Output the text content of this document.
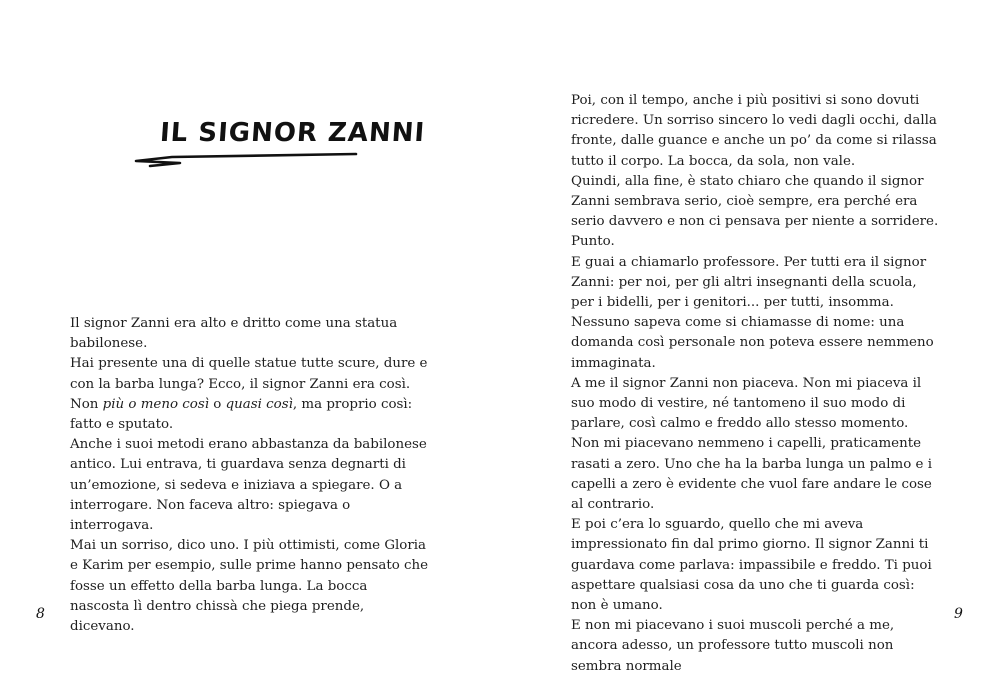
IL SIGNOR ZANNI

Il signor Zanni era alto e dritto come una statua babilonese.

Hai presente una di quelle statue tutte scure, dure e con la barba lunga? Ecco, il signor Zanni era così. Non più o meno così o quasi così, ma proprio così: fatto e sputato.

Anche i suoi metodi erano abbastanza da babilonese antico. Lui entrava, ti guardava senza degnarti di un’emozione, si sedeva e iniziava a spiegare. O a interrogare. Non faceva altro: spiegava o interrogava.

Mai un sorriso, dico uno. I più ottimisti, come Gloria e Karim per esempio, sulle prime hanno pensato che fosse un effetto della barba lunga. La bocca nascosta lì dentro chissà che piega prende, dicevano.

8

Poi, con il tempo, anche i più positivi si sono dovuti ricredere. Un sorriso sincero lo vedi dagli occhi, dalla fronte, dalle guance e anche un po’ da come si rilassa tutto il corpo. La bocca, da sola, non vale.

Quindi, alla fine, è stato chiaro che quando il signor Zanni sembrava serio, cioè sempre, era perché era serio davvero e non ci pensava per niente a sorridere. Punto.

E guai a chiamarlo professore. Per tutti era il signor Zanni: per noi, per gli altri insegnanti della scuola, per i bidelli, per i genitori... per tutti, insomma. Nessuno sapeva come si chiamasse di nome: una domanda così personale non poteva essere nemmeno immaginata.

A me il signor Zanni non piaceva. Non mi piaceva il suo modo di vestire, né tantomeno il suo modo di parlare, così calmo e freddo allo stesso momento.

Non mi piacevano nemmeno i capelli, praticamente rasati a zero. Uno che ha la barba lunga un palmo e i capelli a zero è evidente che vuol fare andare le cose al contrario.

E poi c’era lo sguardo, quello che mi aveva impressionato fin dal primo giorno. Il signor Zanni ti guardava come parlava: impassibile e freddo. Ti puoi aspettare qualsiasi cosa da uno che ti guarda così: non è umano.

E non mi piacevano i suoi muscoli perché a me, ancora adesso, un professore tutto muscoli non sembra normale

9
